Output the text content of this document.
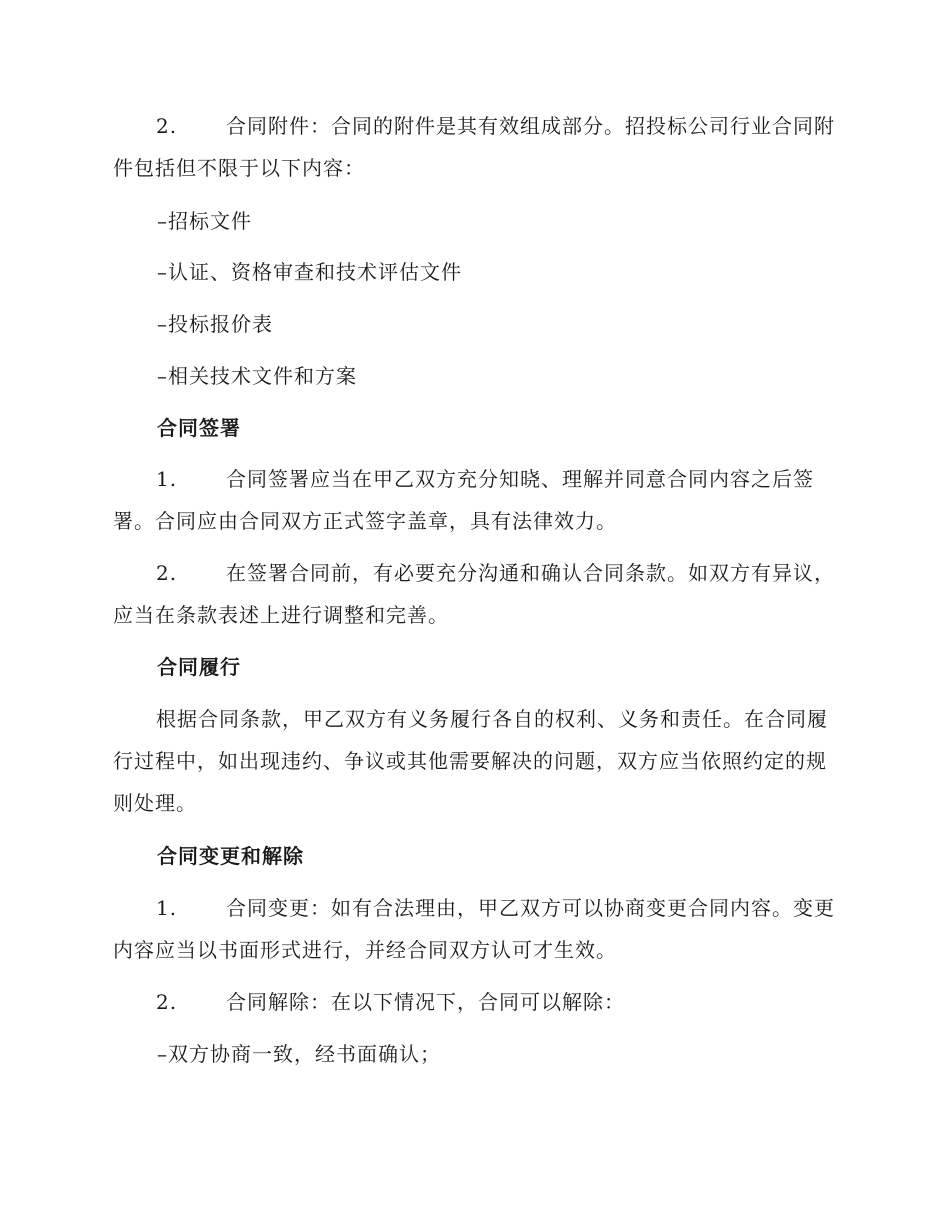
2. 合同附件：合同的附件是其有效组成部分。招投标公司行业合同附件包括但不限于以下内容：

–招标文件

–认证、资格审查和技术评估文件

–投标报价表

–相关技术文件和方案

合同签署

1. 合同签署应当在甲乙双方充分知晓、理解并同意合同内容之后签署。合同应由合同双方正式签字盖章，具有法律效力。

2. 在签署合同前，有必要充分沟通和确认合同条款。如双方有异议，应当在条款表述上进行调整和完善。

合同履行

根据合同条款，甲乙双方有义务履行各自的权利、义务和责任。在合同履行过程中，如出现违约、争议或其他需要解决的问题，双方应当依照约定的规则处理。

合同变更和解除

1. 合同变更：如有合法理由，甲乙双方可以协商变更合同内容。变更内容应当以书面形式进行，并经合同双方认可才生效。

2. 合同解除：在以下情况下，合同可以解除：

–双方协商一致，经书面确认；
